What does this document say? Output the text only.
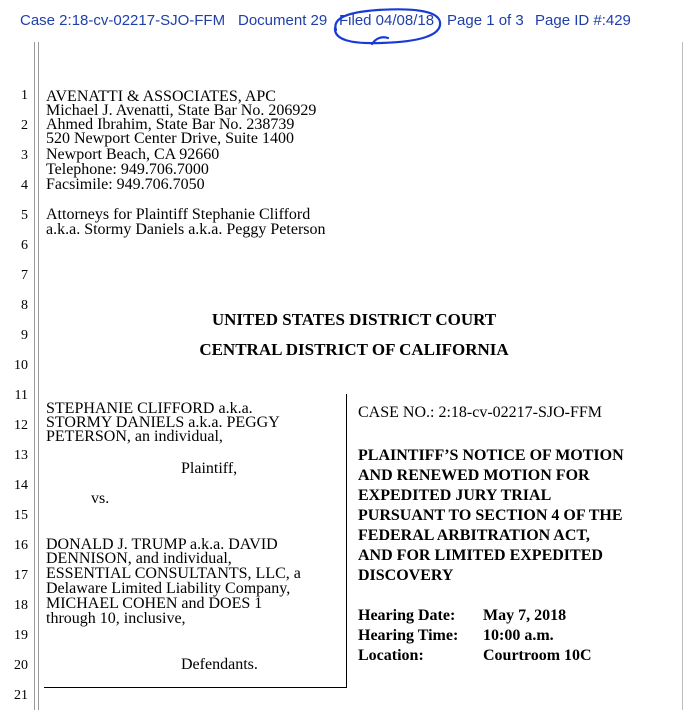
Case 2:18-cv-02217-SJO-FFM Document 29 Filed 04/08/18 Page 1 of 3 Page ID #:429
1
2
3
4
5
6
7
8
9
10
11
12
13
14
15
16
17
18
19
20
21
AVENATTI & ASSOCIATES, APC
Michael J. Avenatti, State Bar No. 206929
Ahmed Ibrahim, State Bar No. 238739
520 Newport Center Drive, Suite 1400
Newport Beach, CA 92660
Telephone: 949.706.7000
Facsimile: 949.706.7050
Attorneys for Plaintiff Stephanie Clifford
a.k.a. Stormy Daniels a.k.a. Peggy Peterson
UNITED STATES DISTRICT COURT
CENTRAL DISTRICT OF CALIFORNIA
STEPHANIE CLIFFORD a.k.a.
STORMY DANIELS a.k.a. PEGGY
PETERSON, an individual,
Plaintiff,
vs.
DONALD J. TRUMP a.k.a. DAVID
DENNISON, and individual,
ESSENTIAL CONSULTANTS, LLC, a
Delaware Limited Liability Company,
MICHAEL COHEN and DOES 1
through 10, inclusive,
Defendants.
CASE NO.: 2:18-cv-02217-SJO-FFM
PLAINTIFF’S NOTICE OF MOTION
AND RENEWED MOTION FOR
EXPEDITED JURY TRIAL
PURSUANT TO SECTION 4 OF THE
FEDERAL ARBITRATION ACT,
AND FOR LIMITED EXPEDITED
DISCOVERY
Hearing Date: May 7, 2018
Hearing Time: 10:00 a.m.
Location:	Courtroom 10C
